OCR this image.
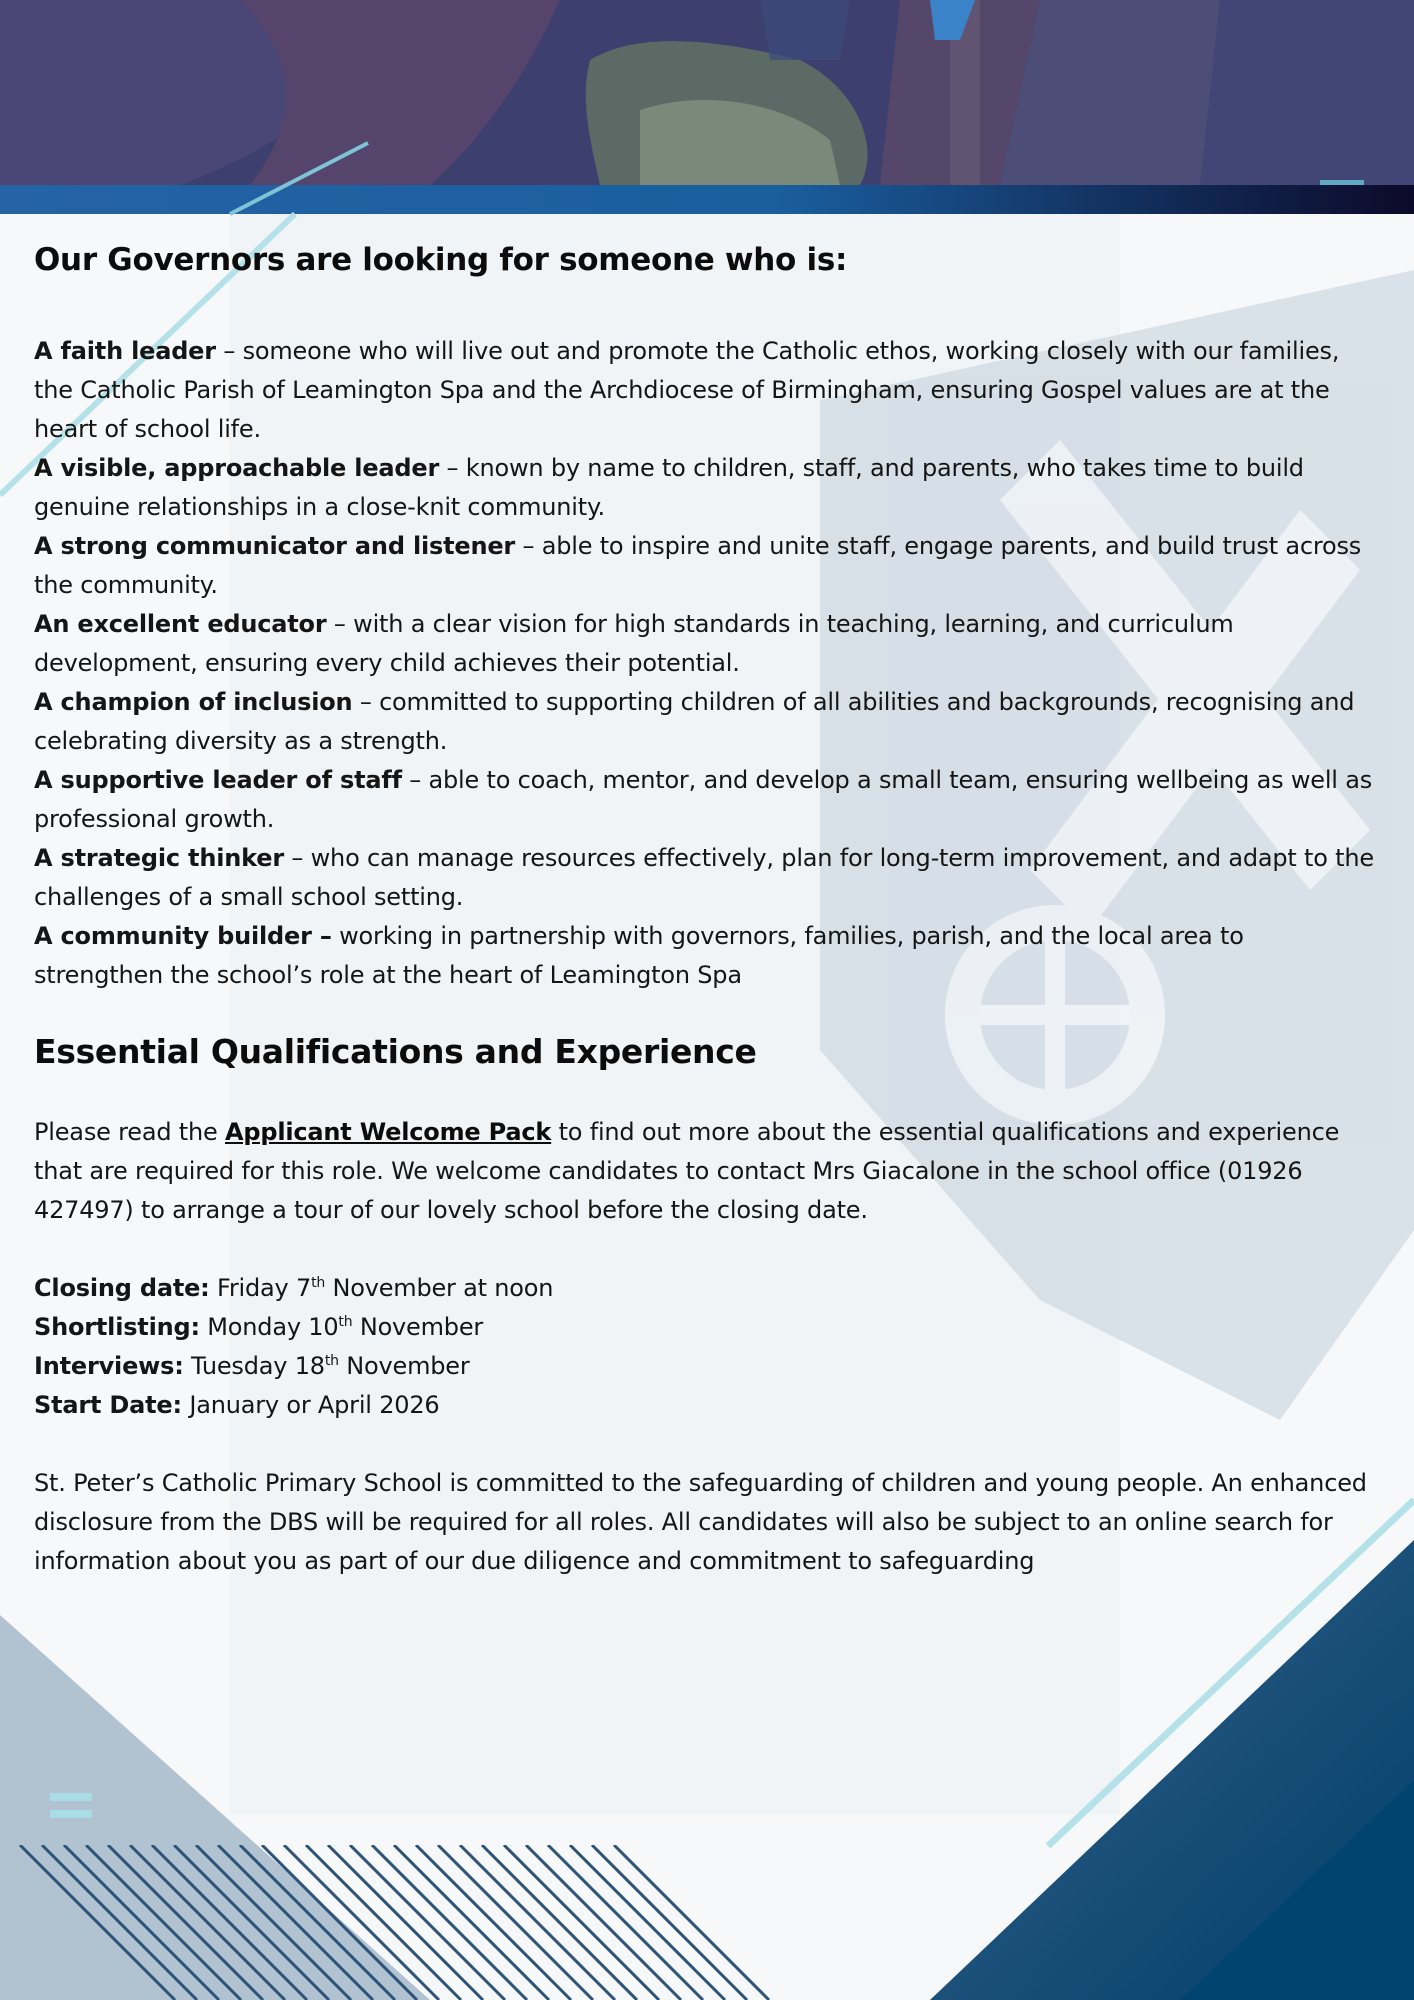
Our Governors are looking for someone who is:

A faith leader – someone who will live out and promote the Catholic ethos, working closely with our families, the Catholic Parish of Leamington Spa and the Archdiocese of Birmingham, ensuring Gospel values are at the heart of school life.

A visible, approachable leader – known by name to children, staff, and parents, who takes time to build genuine relationships in a close-knit community.

A strong communicator and listener – able to inspire and unite staff, engage parents, and build trust across the community.

An excellent educator – with a clear vision for high standards in teaching, learning, and curriculum development, ensuring every child achieves their potential.

A champion of inclusion – committed to supporting children of all abilities and backgrounds, recognising and celebrating diversity as a strength.

A supportive leader of staff – able to coach, mentor, and develop a small team, ensuring wellbeing as well as professional growth.

A strategic thinker – who can manage resources effectively, plan for long-term improvement, and adapt to the challenges of a small school setting.

A community builder – working in partnership with governors, families, parish, and the local area to strengthen the school’s role at the heart of Leamington Spa

Essential Qualifications and Experience

Please read the Applicant Welcome Pack to find out more about the essential qualifications and experience that are required for this role. We welcome candidates to contact Mrs Giacalone in the school office (01926 427497) to arrange a tour of our lovely school before the closing date.

Closing date: Friday 7th November at noon
Shortlisting: Monday 10th November
Interviews: Tuesday 18th November
Start Date: January or April 2026

St. Peter’s Catholic Primary School is committed to the safeguarding of children and young people. An enhanced disclosure from the DBS will be required for all roles. All candidates will also be subject to an online search for information about you as part of our due diligence and commitment to safeguarding
